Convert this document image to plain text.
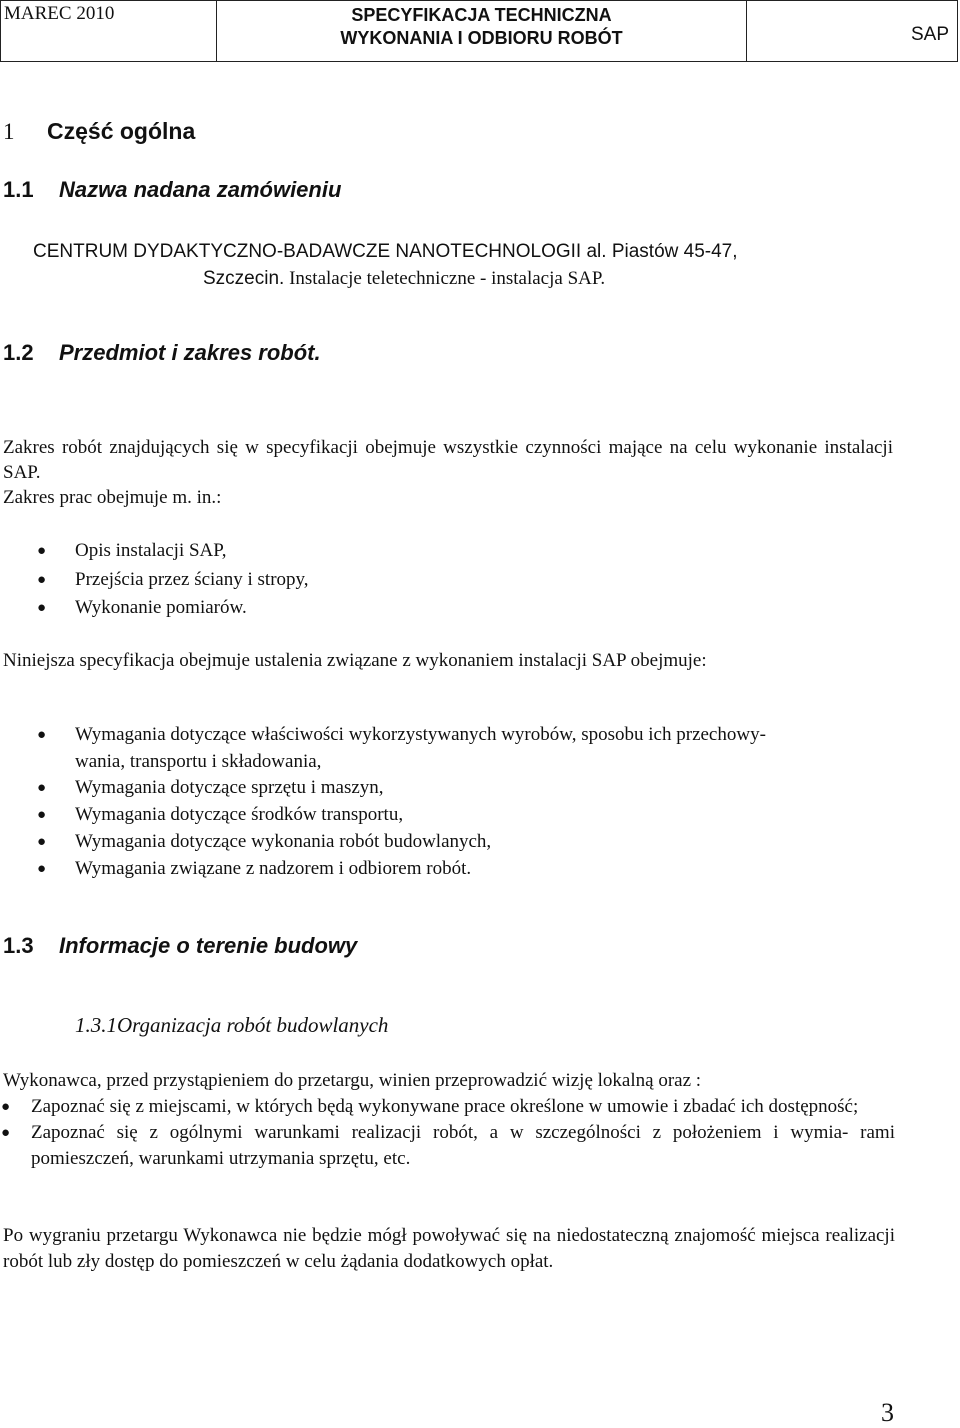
MAREC 2010	SPECYFIKACJA TECHNICZNA
WYKONANIA I ODBIORU ROBÓT	SAP
1 Część ogólna
1.1 Nazwa nadana zamówieniu
CENTRUM DYDAKTYCZNO-BADAWCZE NANOTECHNOLOGII al. Piastów 45-47,
Szczecin. Instalacje teletechniczne - instalacja SAP.
1.2 Przedmiot i zakres robót.
Zakres robót znajdujących się w specyfikacji obejmuje wszystkie czynności mające na celu wykonanie instalacji SAP.
Zakres prac obejmuje m. in.:
● Opis instalacji SAP,
● Przejścia przez ściany i stropy,
● Wykonanie pomiarów.
Niniejsza specyfikacja obejmuje ustalenia związane z wykonaniem instalacji SAP obejmuje:
● Wymagania dotyczące właściwości wykorzystywanych wyrobów, sposobu ich przechowy-
wania, transportu i składowania,
● Wymagania dotyczące sprzętu i maszyn,
● Wymagania dotyczące środków transportu,
● Wymagania dotyczące wykonania robót budowlanych,
● Wymagania związane z nadzorem i odbiorem robót.
1.3 Informacje o terenie budowy
1.3.1Organizacja robót budowlanych
Wykonawca, przed przystąpieniem do przetargu, winien przeprowadzić wizję lokalną oraz :
● Zapoznać się z miejscami, w których będą wykonywane prace określone w umowie i zbadać ich dostępność;
● Zapoznać się z ogólnymi warunkami realizacji robót, a w szczególności z położeniem i wymia- rami pomieszczeń, warunkami utrzymania sprzętu, etc.
Po wygraniu przetargu Wykonawca nie będzie mógł powoływać się na niedostateczną znajomość miejsca realizacji robót lub zły dostęp do pomieszczeń w celu żądania dodatkowych opłat.
3
